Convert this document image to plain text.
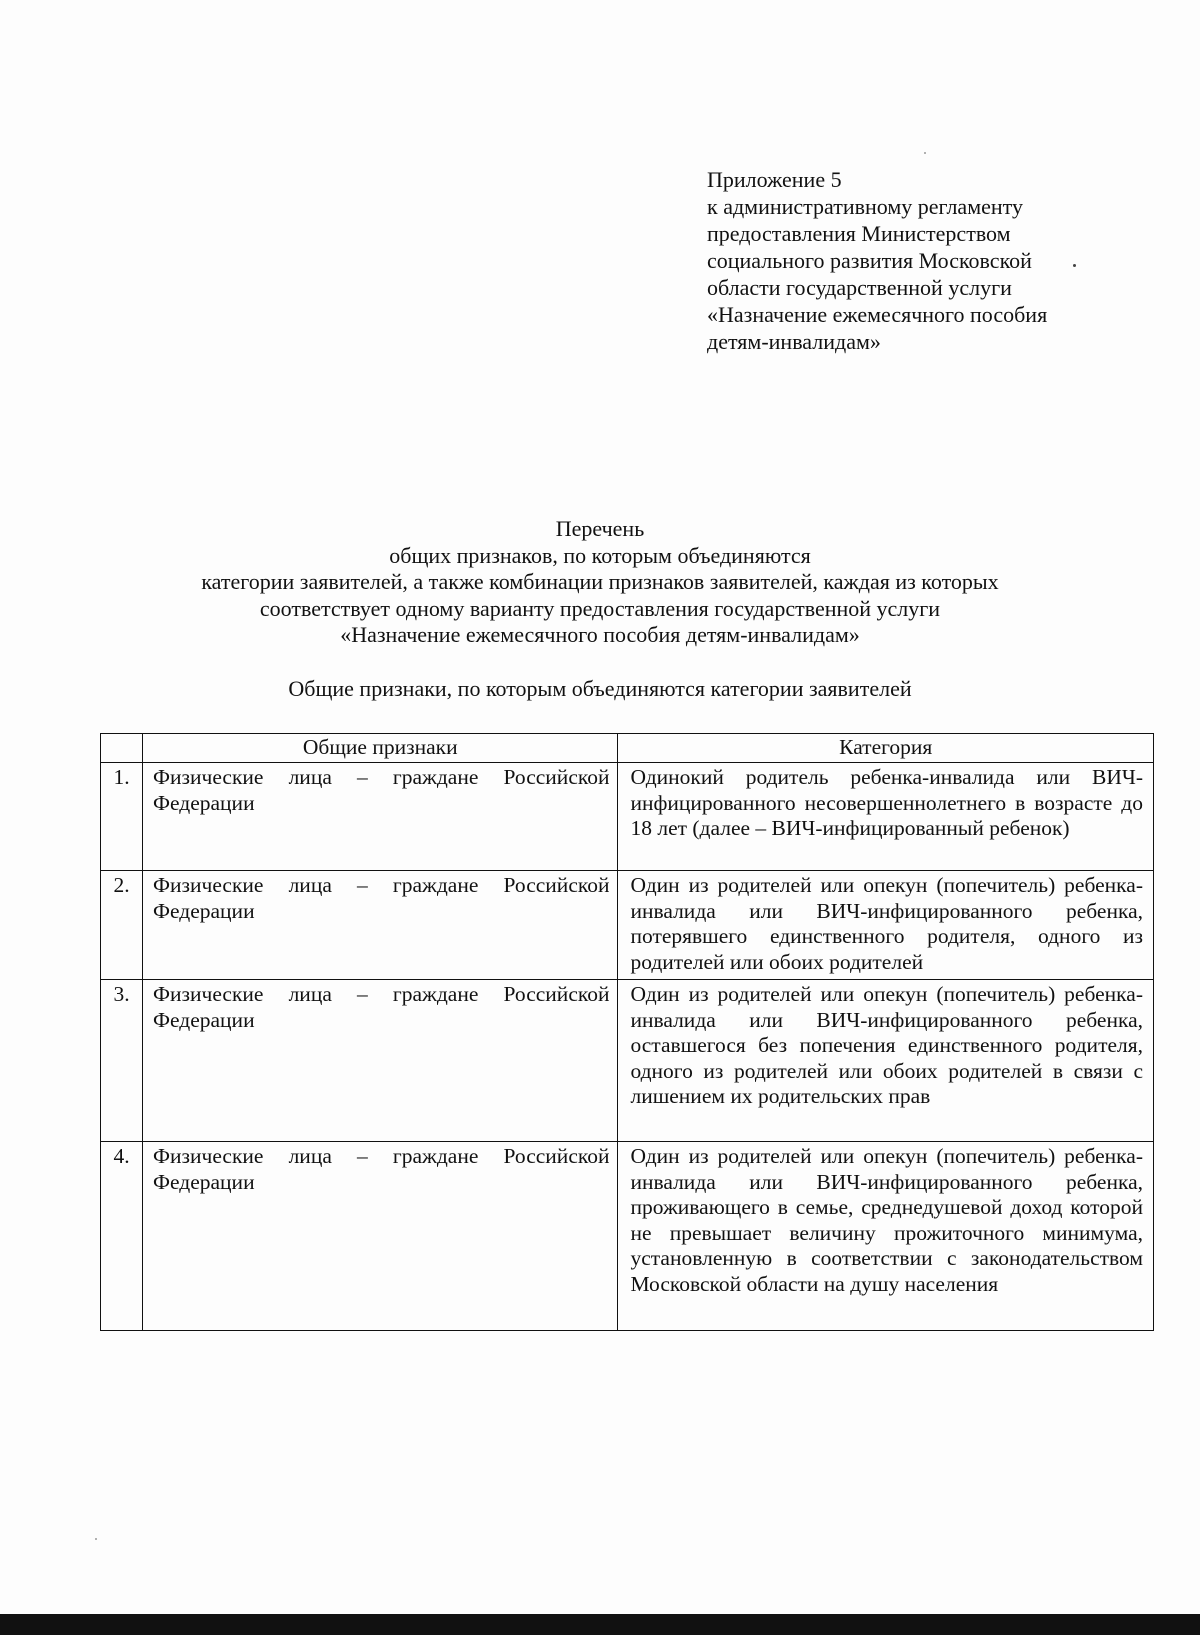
Приложение 5
к административному регламенту
предоставления Министерством
социального развития Московской
области государственной услуги
«Назначение ежемесячного пособия
детям-инвалидам»
Перечень
общих признаков, по которым объединяются
категории заявителей, а также комбинации признаков заявителей, каждая из которых
соответствует одному варианту предоставления государственной услуги
«Назначение ежемесячного пособия детям-инвалидам»
Общие признаки, по которым объединяются категории заявителей
	Общие признаки	Категория
1.	Физические лица – граждане Российской Федерации	Одинокий родитель ребенка-инвалида или ВИЧ-инфицированного несовершеннолетнего в возрасте до 18 лет (далее – ВИЧ-инфицированный ребенок)
2.	Физические лица – граждане Российской Федерации	Один из родителей или опекун (попечитель) ребенка-инвалида или ВИЧ-инфицированного ребенка, потерявшего единственного родителя, одного из родителей или обоих родителей
3.	Физические лица – граждане Российской Федерации	Один из родителей или опекун (попечитель) ребенка-инвалида или ВИЧ-инфицированного ребенка, оставшегося без попечения единственного родителя, одного из родителей или обоих родителей в связи с лишением их родительских прав
4.	Физические лица – граждане Российской Федерации	Один из родителей или опекун (попечитель) ребенка-инвалида или ВИЧ-инфицированного ребенка, проживающего в семье, среднедушевой доход которой не превышает величину прожиточного минимума, установленную в соответствии с законодательством Московской области на душу населения
